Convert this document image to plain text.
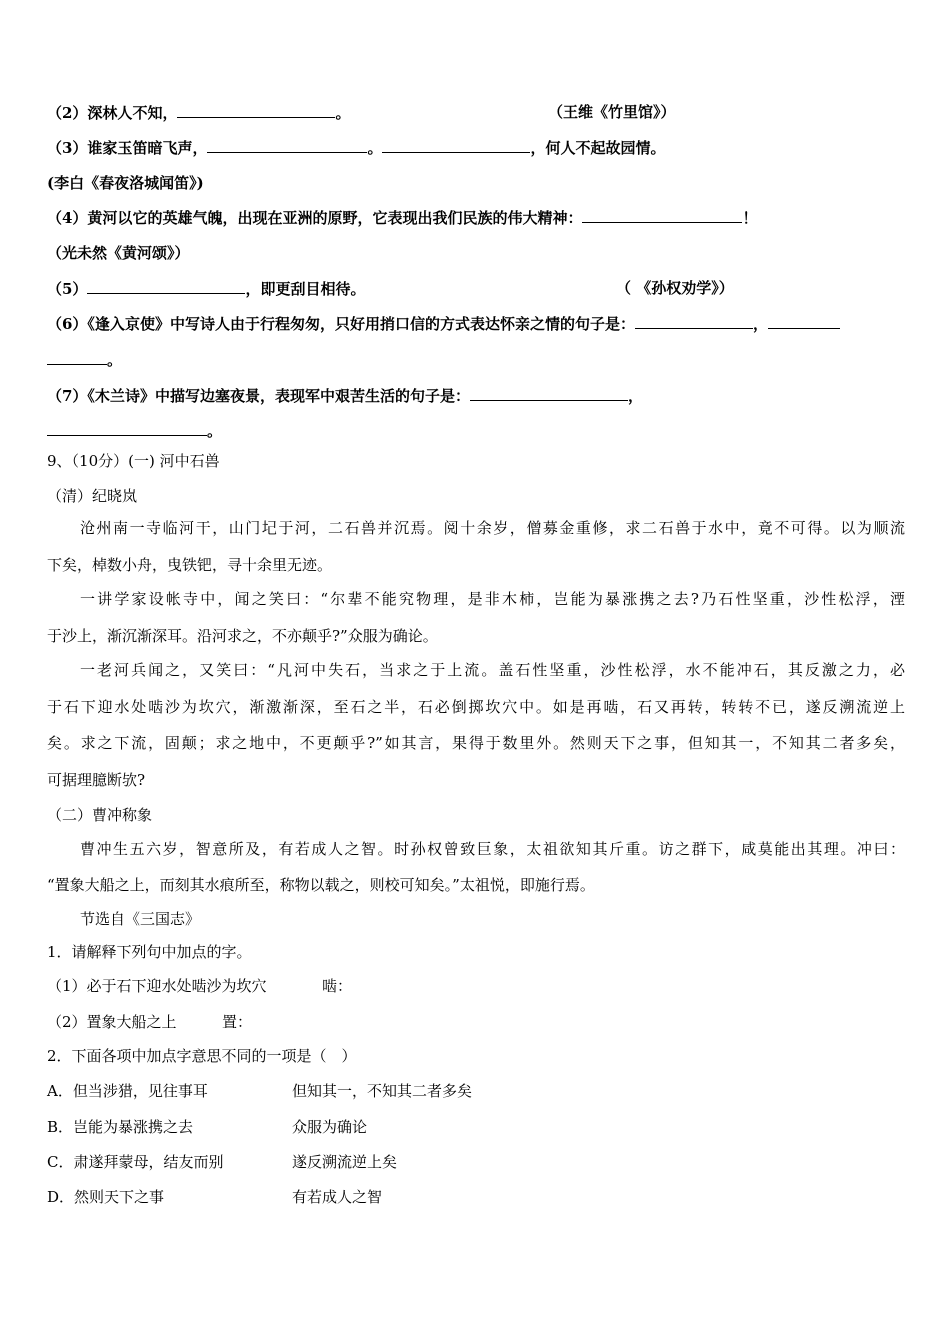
（2）深林人不知，	。	（王维《竹里馆》）
（3）谁家玉笛暗飞声，	。	，何人不起故园情。
(李白《春夜洛城闻笛》)
（4）黄河以它的英雄气魄，出现在亚洲的原野，它表现出我们民族的伟大精神：	！
（光未然《黄河颂》）
（5）	，即更刮目相待。	（ 《孙权劝学》）
（6）《逢入京使》中写诗人由于行程匆匆，只好用捎口信的方式表达怀亲之情的句子是：	，
。
（7）《木兰诗》中描写边塞夜景，表现军中艰苦生活的句子是：	，
。
9、（10分）(一) 河中石兽
（清）纪晓岚
沧州南一寺临河干，山门圮于河，二石兽并沉焉。阅十余岁，僧募金重修，求二石兽于水中，竟不可得。以为顺流
下矣，棹数小舟，曳铁钯，寻十余里无迹。
一讲学家设帐寺中，闻之笑曰：“尔辈不能究物理，是非木柿，岂能为暴涨携之去?乃石性坚重，沙性松浮，湮
于沙上，渐沉渐深耳。沿河求之，不亦颠乎?”众服为确论。
一老河兵闻之，又笑曰：“凡河中失石，当求之于上流。盖石性坚重，沙性松浮，水不能冲石，其反激之力，必
于石下迎水处啮沙为坎穴，渐激渐深，至石之半，石必倒掷坎穴中。如是再啮，石又再转，转转不已，遂反溯流逆上
矣。求之下流，固颠；求之地中，不更颠乎?”如其言，果得于数里外。然则天下之事，但知其一，不知其二者多矣，
可据理臆断欤?
（二）曹冲称象
曹冲生五六岁，智意所及，有若成人之智。时孙权曾致巨象，太祖欲知其斤重。访之群下，咸莫能出其理。冲曰：
“置象大船之上，而刻其水痕所至，称物以载之，则校可知矣。”太祖悦，即施行焉。
节选自《三国志》
1．请解释下列句中加点的字。
（1）必于石下迎水处啮沙为坎穴	啮：
（2）置象大船之上	置：
2．下面各项中加点字意思不同的一项是（　）
A．但当涉猎，见往事耳	但知其一，不知其二者多矣
B．岂能为暴涨携之去	众服为确论
C．肃遂拜蒙母，结友而别	遂反溯流逆上矣
D．然则天下之事	有若成人之智
